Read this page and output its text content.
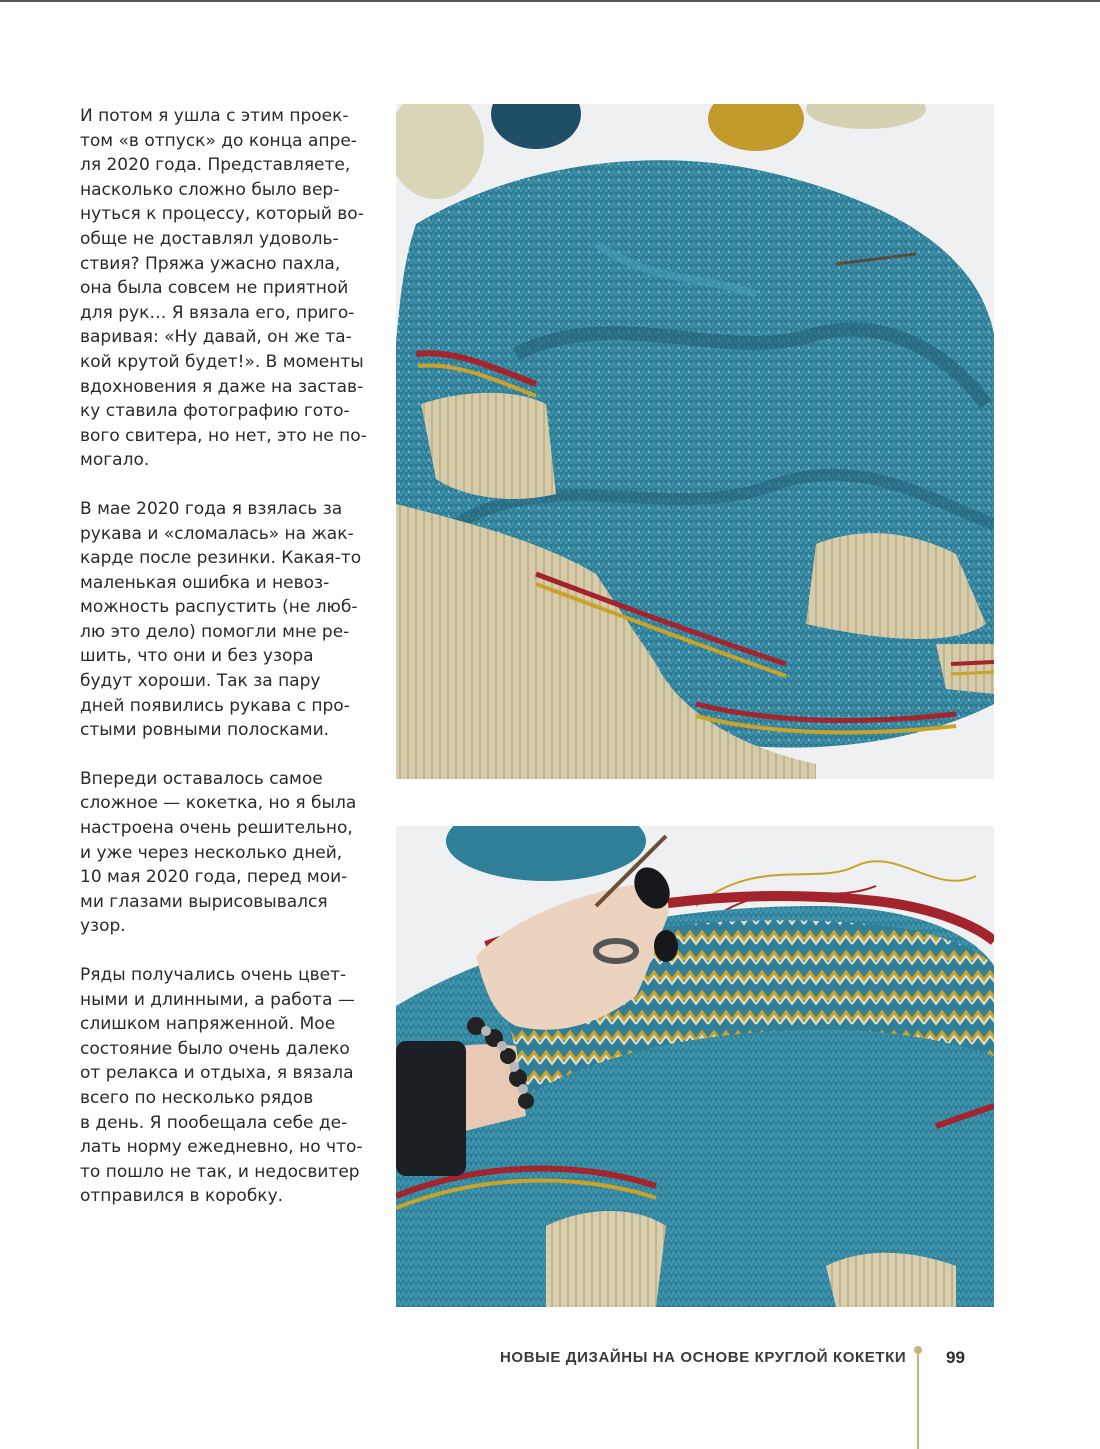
И потом я ушла с этим проек-
том «в отпуск» до конца апре-
ля 2020 года. Представляете,
насколько сложно было вер-
нуться к процессу, который во-
обще не доставлял удоволь-
ствия? Пряжа ужасно пахла,
она была совсем не приятной
для рук… Я вязала его, приго-
варивая: «Ну давай, он же та-
кой крутой будет!». В моменты
вдохновения я даже на застав-
ку ставила фотографию гото-
вого свитера, но нет, это не по-
могало.

В мае 2020 года я взялась за
рукава и «сломалась» на жак-
карде после резинки. Какая-то
маленькая ошибка и невоз-
можность распустить (не люб-
лю это дело) помогли мне ре-
шить, что они и без узора
будут хороши. Так за пару
дней появились рукава с про-
стыми ровными полосками.

Впереди оставалось самое
сложное — кокетка, но я была
настроена очень решительно,
и уже через несколько дней,
10 мая 2020 года, перед мои-
ми глазами вырисовывался
узор.

Ряды получались очень цвет-
ными и длинными, а работа —
слишком напряженной. Мое
состояние было очень далеко
от релакса и отдыха, я вязала
всего по несколько рядов
в день. Я пообещала себе де-
лать норму ежедневно, но что-
то пошло не так, и недосвитер
отправился в коробку.

НОВЫЕ ДИЗАЙНЫ НА ОСНОВЕ КРУГЛОЙ КОКЕТКИ 99
